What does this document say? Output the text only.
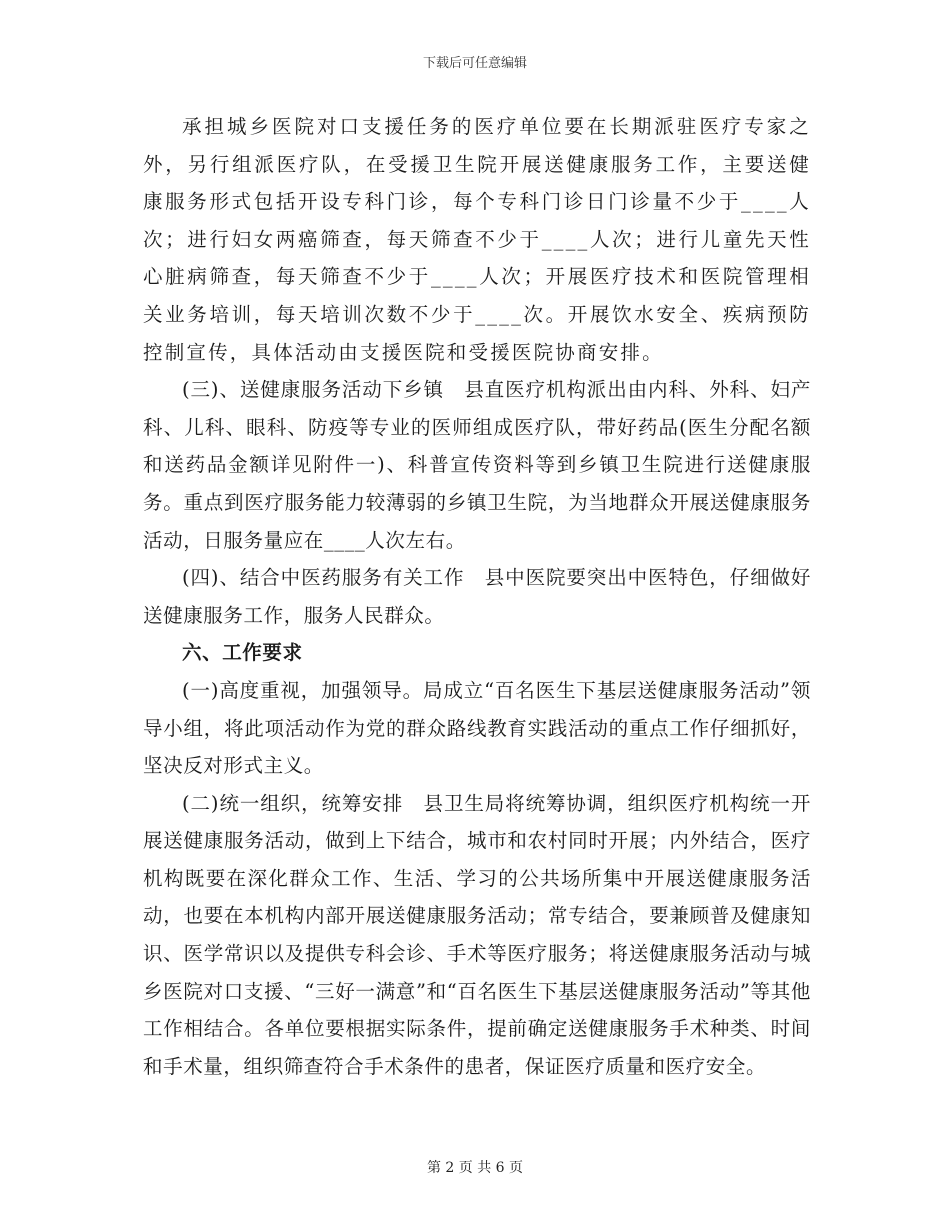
下载后可任意编辑

承担城乡医院对口支援任务的医疗单位要在长期派驻医疗专家之外，另行组派医疗队，在受援卫生院开展送健康服务工作，主要送健康服务形式包括开设专科门诊，每个专科门诊日门诊量不少于____人次；进行妇女两癌筛查，每天筛查不少于____人次；进行儿童先天性心脏病筛查，每天筛查不少于____人次；开展医疗技术和医院管理相关业务培训，每天培训次数不少于____次。开展饮水安全、疾病预防控制宣传，具体活动由支援医院和受援医院协商安排。

(三)、送健康服务活动下乡镇　县直医疗机构派出由内科、外科、妇产科、儿科、眼科、防疫等专业的医师组成医疗队，带好药品(医生分配名额和送药品金额详见附件一)、科普宣传资料等到乡镇卫生院进行送健康服务。重点到医疗服务能力较薄弱的乡镇卫生院，为当地群众开展送健康服务活动，日服务量应在____人次左右。

(四)、结合中医药服务有关工作　县中医院要突出中医特色，仔细做好送健康服务工作，服务人民群众。

六、工作要求

(一)高度重视，加强领导。局成立“百名医生下基层送健康服务活动”领导小组，将此项活动作为党的群众路线教育实践活动的重点工作仔细抓好，坚决反对形式主义。

(二)统一组织，统筹安排　县卫生局将统筹协调，组织医疗机构统一开展送健康服务活动，做到上下结合，城市和农村同时开展；内外结合，医疗机构既要在深化群众工作、生活、学习的公共场所集中开展送健康服务活动，也要在本机构内部开展送健康服务活动；常专结合，要兼顾普及健康知识、医学常识以及提供专科会诊、手术等医疗服务；将送健康服务活动与城乡医院对口支援、“三好一满意”和“百名医生下基层送健康服务活动”等其他工作相结合。各单位要根据实际条件，提前确定送健康服务手术种类、时间和手术量，组织筛查符合手术条件的患者，保证医疗质量和医疗安全。

第 2 页 共 6 页
